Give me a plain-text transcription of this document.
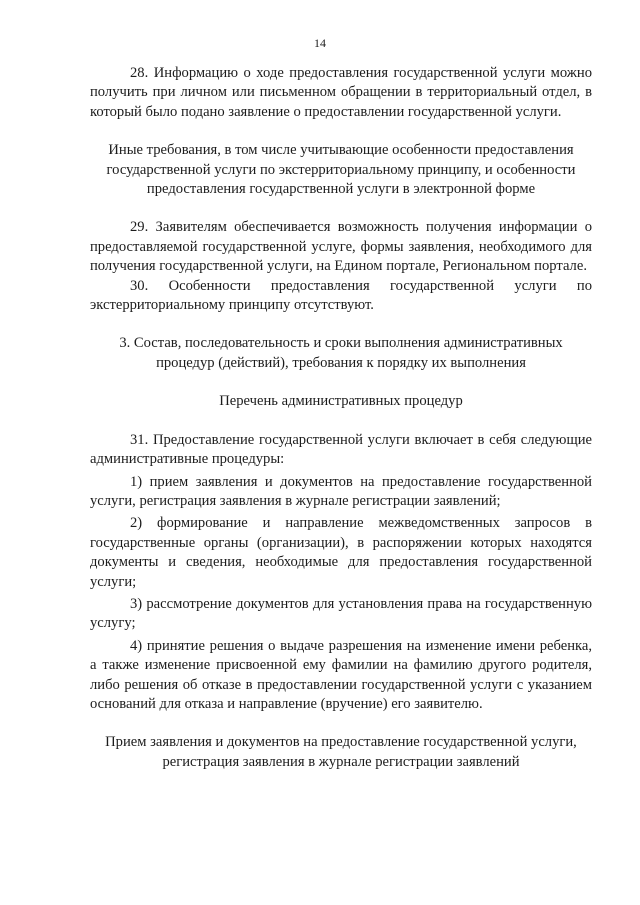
14

28. Информацию о ходе предоставления государственной услуги можно получить при личном или письменном обращении в территориальный отдел, в который было подано заявление о предоставлении государственной услуги.

Иные требования, в том числе учитывающие особенности предоставления государственной услуги по экстерриториальному принципу, и особенности предоставления государственной услуги в электронной форме

29. Заявителям обеспечивается возможность получения информации о предоставляемой государственной услуге, формы заявления, необходимого для получения государственной услуги, на Едином портале, Региональном портале.

30. Особенности предоставления государственной услуги по экстерриториальному принципу отсутствуют.

3. Состав, последовательность и сроки выполнения административных процедур (действий), требования к порядку их выполнения

Перечень административных процедур

31. Предоставление государственной услуги включает в себя следующие административные процедуры:

1) прием заявления и документов на предоставление государственной услуги, регистрация заявления в журнале регистрации заявлений;

2) формирование и направление межведомственных запросов в государственные органы (организации), в распоряжении которых находятся документы и сведения, необходимые для предоставления государственной услуги;

3) рассмотрение документов для установления права на государственную услугу;

4) принятие решения о выдаче разрешения на изменение имени ребенка, а также изменение присвоенной ему фамилии на фамилию другого родителя, либо решения об отказе в предоставлении государственной услуги с указанием оснований для отказа и направление (вручение) его заявителю.

Прием заявления и документов на предоставление государственной услуги, регистрация заявления в журнале регистрации заявлений
